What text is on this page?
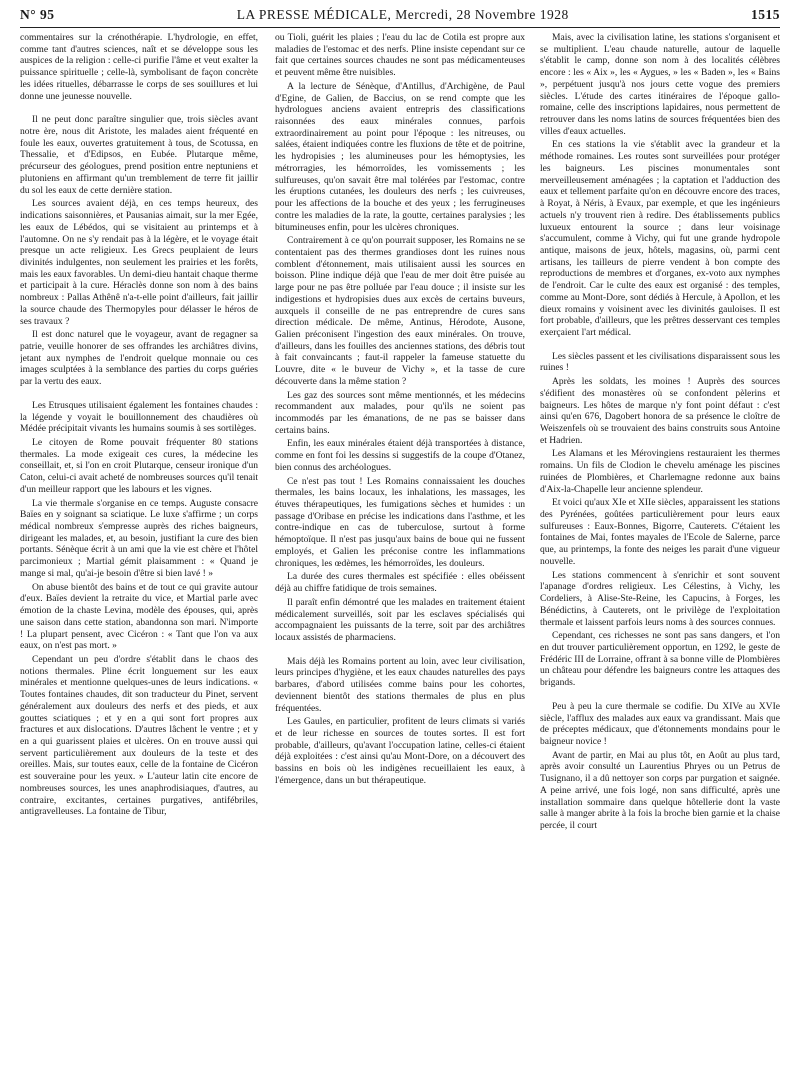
N° 95	LA PRESSE MÉDICALE, Mercredi, 28 Novembre 1928	1515

commentaires sur la crénothérapie. L'hydrologie, en effet, comme tant d'autres sciences, naît et se développe sous les auspices de la religion : celle-ci purifie l'âme et veut exalter la puissance spirituelle ; celle-là, symbolisant de façon concrète les idées rituelles, débarrasse le corps de ses souillures et lui donne une jeunesse nouvelle.

Il ne peut donc paraître singulier que, trois siècles avant notre ère, nous dit Aristote, les malades aient fréquenté en foule les eaux, ouvertes gratuitement à tous, de Scotussa, en Thessalie, et d'Edipsos, en Eubée. Plutarque même, précurseur des géologues, prend position entre neptuniens et plutoniens en affirmant qu'un tremblement de terre fit jaillir du sol les eaux de cette dernière station.

Les sources avaient déjà, en ces temps heureux, des indications saisonnières, et Pausanias aimait, sur la mer Egée, les eaux de Lébédos, qui se visitaient au printemps et à l'automne. On ne s'y rendait pas à la légère, et le voyage était presque un acte religieux. Les Grecs peuplaient de leurs divinités indulgentes, non seulement les prairies et les forêts, mais les eaux favorables. Un demi-dieu hantait chaque therme et participait à la cure. Héraclès donne son nom à des bains nombreux : Pallas Athênê n'a-t-elle point d'ailleurs, fait jaillir la source chaude des Thermopyles pour délasser le héros de ses travaux ?

Il est donc naturel que le voyageur, avant de regagner sa patrie, veuille honorer de ses offrandes les archiâtres divins, jetant aux nymphes de l'endroit quelque monnaie ou ces images sculptées à la semblance des parties du corps guéries par la vertu des eaux.

Les Etrusques utilisaient également les fontaines chaudes : la légende y voyait le bouillonnement des chaudières où Médée précipitait vivants les humains soumis à ses sortilèges.

Le citoyen de Rome pouvait fréquenter 80 stations thermales. La mode exigeait ces cures, la médecine les conseillait, et, si l'on en croit Plutarque, censeur ironique d'un Caton, celui-ci avait acheté de nombreuses sources qu'il tenait d'un meilleur rapport que les labours et les vignes.

La vie thermale s'organise en ce temps. Auguste consacre Baïes en y soignant sa sciatique. Le luxe s'affirme ; un corps médical nombreux s'empresse auprès des riches baigneurs, dirigeant les malades, et, au besoin, justifiant la cure des bien portants. Sénèque écrit à un ami que la vie est chère et l'hôtel parcimonieux ; Martial gémit plaisamment : « Quand je mange si mal, qu'ai-je besoin d'être si bien lavé ! »

On abuse bientôt des bains et de tout ce qui gravite autour d'eux. Baïes devient la retraite du vice, et Martial parle avec émotion de la chaste Levina, modèle des épouses, qui, après une saison dans cette station, abandonna son mari. N'importe ! La plupart pensent, avec Cicéron : « Tant que l'on va aux eaux, on n'est pas mort. »

Cependant un peu d'ordre s'établit dans le chaos des notions thermales. Pline écrit longuement sur les eaux minérales et mentionne quelques-unes de leurs indications. « Toutes fontaines chaudes, dit son traducteur du Pinet, servent généralement aux douleurs des nerfs et des pieds, et aux gouttes sciatiques ; et y en a qui sont fort propres aux fractures et aux dislocations. D'autres lâchent le ventre ; et y en a qui guarissent plaies et ulcères. On en trouve aussi qui servent particulièrement aux douleurs de la teste et des oreilles. Mais, sur toutes eaux, celle de la fontaine de Cicéron est souveraine pour les yeux. » L'auteur latin cite encore de nombreuses sources, les unes anaphrodisiaques, d'autres, au contraire, excitantes, certaines purgatives, antifébriles, antigravelleuses. La fontaine de Tibur,

ou Tioli, guérit les plaies ; l'eau du lac de Cotila est propre aux maladies de l'estomac et des nerfs. Pline insiste cependant sur ce fait que certaines sources chaudes ne sont pas médicamenteuses et peuvent même être nuisibles.

A la lecture de Sénèque, d'Antillus, d'Archigène, de Paul d'Egine, de Galien, de Baccius, on se rend compte que les hydrologues anciens avaient entrepris des classifications raisonnées des eaux minérales connues, parfois extraordinairement au point pour l'époque : les nitreuses, ou salées, étaient indiquées contre les fluxions de tête et de poitrine, les hydropisies ; les alumineuses pour les hémoptysies, les métrorragies, les hémorroïdes, les vomissements ; les sulfureuses, qu'on savait être mal tolérées par l'estomac, contre les éruptions cutanées, les douleurs des nerfs ; les cuivreuses, pour les affections de la bouche et des yeux ; les ferrugineuses contre les maladies de la rate, la goutte, certaines paralysies ; les bitumineuses enfin, pour les ulcères chroniques.

Contrairement à ce qu'on pourrait supposer, les Romains ne se contentaient pas des thermes grandioses dont les ruines nous comblent d'étonnement, mais utilisaient aussi les sources en boisson. Pline indique déjà que l'eau de mer doit être puisée au large pour ne pas être polluée par l'eau douce ; il insiste sur les indigestions et hydropisies dues aux excès de certains buveurs, auxquels il conseille de ne pas entreprendre de cures sans direction médicale. De même, Antinus, Hérodote, Ausone, Galien préconisent l'ingestion des eaux minérales. On trouve, d'ailleurs, dans les fouilles des anciennes stations, des débris tout à fait convaincants ; faut-il rappeler la fameuse statuette du Louvre, dite « le buveur de Vichy », et la tasse de cure découverte dans la même station ?

Les gaz des sources sont même mentionnés, et les médecins recommandent aux malades, pour qu'ils ne soient pas incommodés par les émanations, de ne pas se baisser dans certains bains.

Enfin, les eaux minérales étaient déjà transportées à distance, comme en font foi les dessins si suggestifs de la coupe d'Otanez, bien connus des archéologues.

Ce n'est pas tout ! Les Romains connaissaient les douches thermales, les bains locaux, les inhalations, les massages, les étuves thérapeutiques, les fumigations sèches et humides : un passage d'Oribase en précise les indications dans l'asthme, et les contre-indique en cas de tuberculose, surtout à forme hémoptoïque. Il n'est pas jusqu'aux bains de boue qui ne fussent employés, et Galien les préconise contre les inflammations chroniques, les œdèmes, les hémorroïdes, les douleurs.

La durée des cures thermales est spécifiée : elles obéissent déjà au chiffre fatidique de trois semaines.

Il paraît enfin démontré que les malades en traitement étaient médicalement surveillés, soit par les esclaves spécialisés qui accompagnaient les puissants de la terre, soit par des archiâtres locaux assistés de pharmaciens.

Mais déjà les Romains portent au loin, avec leur civilisation, leurs principes d'hygiène, et les eaux chaudes naturelles des pays barbares, d'abord utilisées comme bains pour les cohortes, deviennent bientôt des stations thermales de plus en plus fréquentées.

Les Gaules, en particulier, profitent de leurs climats si variés et de leur richesse en sources de toutes sortes. Il est fort probable, d'ailleurs, qu'avant l'occupation latine, celles-ci étaient déjà exploitées : c'est ainsi qu'au Mont-Dore, on a découvert des bassins en bois où les indigènes recueillaient les eaux, à l'émergence, dans un but thérapeutique.

Mais, avec la civilisation latine, les stations s'organisent et se multiplient. L'eau chaude naturelle, autour de laquelle s'établit le camp, donne son nom à des localités célèbres encore : les « Aix », les « Aygues, » les « Baden », les « Bains », perpétuent jusqu'à nos jours cette vogue des premiers siècles. L'étude des cartes itinéraires de l'époque gallo-romaine, celle des inscriptions lapidaires, nous permettent de retrouver dans les noms latins de sources fréquentées bien des villes d'eaux actuelles.

En ces stations la vie s'établit avec la grandeur et la méthode romaines. Les routes sont surveillées pour protéger les baigneurs. Les piscines monumentales sont merveilleusement aménagées ; la captation et l'adduction des eaux et tellement parfaite qu'on en découvre encore des traces, à Royat, à Néris, à Evaux, par exemple, et que les ingénieurs actuels n'y trouvent rien à redire. Des établissements publics luxueux entourent la source ; dans leur voisinage s'accumulent, comme à Vichy, qui fut une grande hydropole antique, maisons de jeux, hôtels, magasins, où, parmi cent artisans, les tailleurs de pierre vendent à bon compte des reproductions de membres et d'organes, ex-voto aux nymphes de l'endroit. Car le culte des eaux est organisé : des temples, comme au Mont-Dore, sont dédiés à Hercule, à Apollon, et les dieux romains y voisinent avec les divinités gauloises. Il est fort probable, d'ailleurs, que les prêtres desservant ces temples exerçaient l'art médical.

Les siècles passent et les civilisations disparaissent sous les ruines !

Après les soldats, les moines ! Auprès des sources s'édifient des monastères où se confondent pèlerins et baigneurs. Les hôtes de marque n'y font point défaut : c'est ainsi qu'en 676, Dagobert honora de sa présence le cloître de Weiszenfels où se trouvaient des bains construits sous Antoine et Hadrien.

Les Alamans et les Mérovingiens restauraient les thermes romains. Un fils de Clodion le chevelu aménage les piscines ruinées de Plombières, et Charlemagne redonne aux bains d'Aix-la-Chapelle leur ancienne splendeur.

Et voici qu'aux XIe et XIIe siècles, apparaissent les stations des Pyrénées, goûtées particulièrement pour leurs eaux sulfureuses : Eaux-Bonnes, Bigorre, Cauterets. C'étaient les fontaines de Mai, fontes mayales de l'Ecole de Salerne, parce que, au printemps, la fonte des neiges les parait d'une vigueur nouvelle.

Les stations commencent à s'enrichir et sont souvent l'apanage d'ordres religieux. Les Célestins, à Vichy, les Cordeliers, à Alise-Ste-Reine, les Capucins, à Forges, les Bénédictins, à Cauterets, ont le privilège de l'exploitation thermale et laissent parfois leurs noms à des sources connues.

Cependant, ces richesses ne sont pas sans dangers, et l'on en dut trouver particulièrement opportun, en 1292, le geste de Frédéric III de Lorraine, offrant à sa bonne ville de Plombières un château pour défendre les baigneurs contre les attaques des brigands.

Peu à peu la cure thermale se codifie. Du XIVe au XVIe siècle, l'afflux des malades aux eaux va grandissant. Mais que de préceptes médicaux, que d'étonnements mondains pour le baigneur novice !

Avant de partir, en Mai au plus tôt, en Août au plus tard, après avoir consulté un Laurentius Phryes ou un Petrus de Tusignano, il a dû nettoyer son corps par purgation et saignée. A peine arrivé, une fois logé, non sans difficulté, après une installation sommaire dans quelque hôtellerie dont la vaste salle à manger abrite à la fois la broche bien garnie et la chaise percée, il court
